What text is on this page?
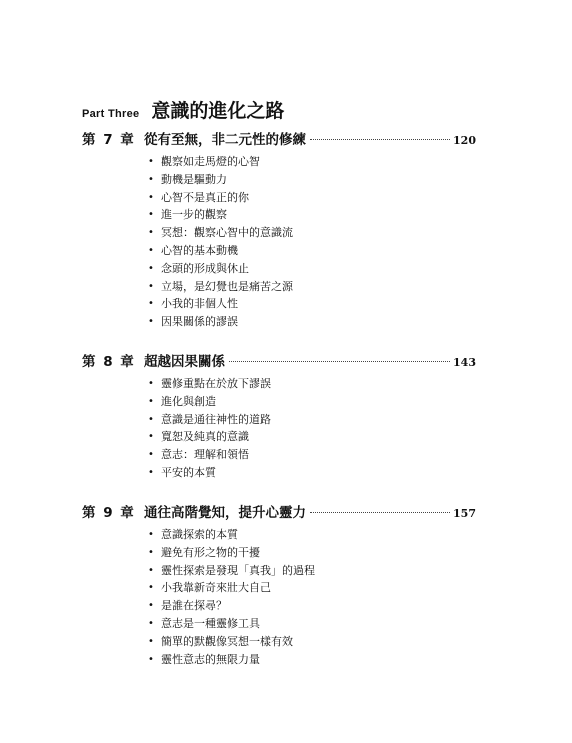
Part Three 意識的進化之路
第 7 章 從有至無，非二元性的修練	120
• 觀察如走馬燈的心智
• 動機是驅動力
• 心智不是真正的你
• 進一步的觀察
• 冥想：觀察心智中的意識流
• 心智的基本動機
• 念頭的形成與休止
• 立場，是幻覺也是痛苦之源
• 小我的非個人性
• 因果關係的謬誤
第 8 章 超越因果關係	143
• 靈修重點在於放下謬誤
• 進化與創造
• 意識是通往神性的道路
• 寬恕及純真的意識
• 意志：理解和領悟
• 平安的本質
第 9 章 通往高階覺知，提升心靈力	157
• 意識探索的本質
• 避免有形之物的干擾
• 靈性探索是發現「真我」的過程
• 小我靠新奇來壯大自己
• 是誰在探尋？
• 意志是一種靈修工具
• 簡單的默觀像冥想一樣有效
• 靈性意志的無限力量
